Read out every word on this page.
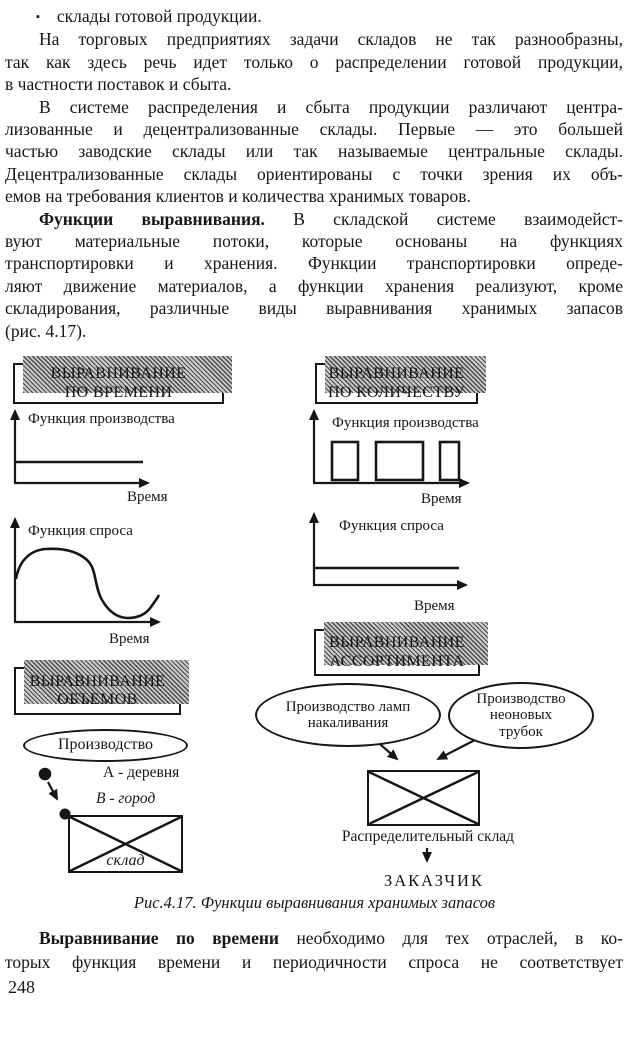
▪ склады готовой продукции.
На торговых предприятиях задачи складов не так разнообразны,
так как здесь речь идет только о распределении готовой продукции,
в частности поставок и сбыта.
В системе распределения и сбыта продукции различают центра-
лизованные и децентрализованные склады. Первые — это большей
частью заводские склады или так называемые центральные склады.
Децентрализованные склады ориентированы с точки зрения их объ-
емов на требования клиентов и количества хранимых товаров.
Функции выравнивания. В складской системе взаимодейст-
вуют материальные потоки, которые основаны на функциях
транспортировки и хранения. Функции транспортировки опреде-
ляют движение материалов, а функции хранения реализуют, кроме
складирования, различные виды выравнивания хранимых запасов
(рис. 4.17).
ВЫРАВНИВАНИЕ
ПО ВРЕМЕНИ
Функция производства
Время
Функция спроса
Время
ВЫРАВНИВАНИЕ
ОБЪЕМОВ
Производство
А - деревня
В - город
склад
ВЫРАВНИВАНИЕ
ПО КОЛИЧЕСТВУ
Функция производства
Время
Функция спроса
Время
ВЫРАВНИВАНИЕ
АССОРТИМЕНТА
Производство ламп
накаливания
Производство
неоновых
трубок
Распределительный склад
ЗАКАЗЧИК
Рис.4.17. Функции выравнивания хранимых запасов
Выравнивание по времени необходимо для тех отраслей, в ко-
торых функция времени и периодичности спроса не соответствует
248
